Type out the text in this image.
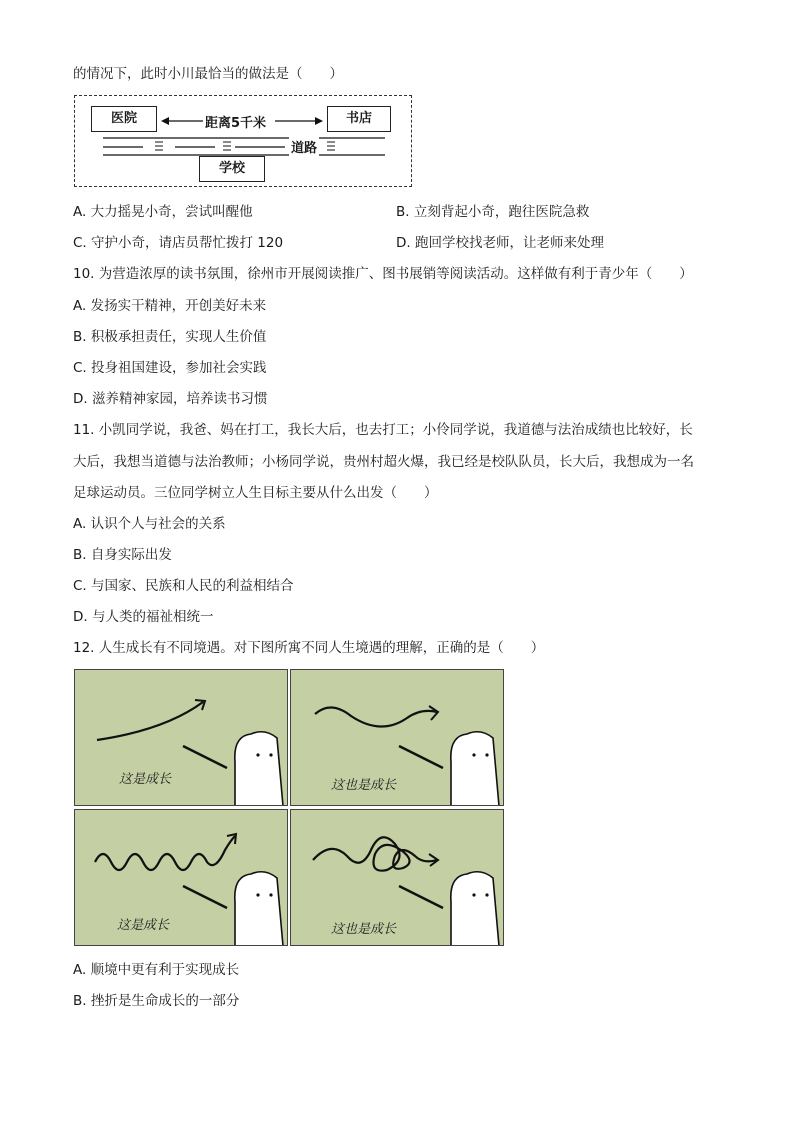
的情况下，此时小川最恰当的做法是（　　）
医院	书店
距离5千米
道路
学校
A. 大力摇晃小奇，尝试叫醒他	B. 立刻背起小奇，跑往医院急救
C. 守护小奇，请店员帮忙拨打 120	D. 跑回学校找老师，让老师来处理
10. 为营造浓厚的读书氛围，徐州市开展阅读推广、图书展销等阅读活动。这样做有利于青少年（　　）
A. 发扬实干精神，开创美好未来
B. 积极承担责任，实现人生价值
C. 投身祖国建设，参加社会实践
D. 滋养精神家园，培养读书习惯
11. 小凯同学说，我爸、妈在打工，我长大后，也去打工；小伶同学说，我道德与法治成绩也比较好，长
大后，我想当道德与法治教师；小杨同学说，贵州村超火爆，我已经是校队队员，长大后，我想成为一名
足球运动员。三位同学树立人生目标主要从什么出发（　　）
A. 认识个人与社会的关系
B. 自身实际出发
C. 与国家、民族和人民的利益相结合
D. 与人类的福祉相统一
12. 人生成长有不同境遇。对下图所寓不同人生境遇的理解，正确的是（　　）
这是成长	这也是成长
这是成长	这也是成长
A. 顺境中更有利于实现成长
B. 挫折是生命成长的一部分
